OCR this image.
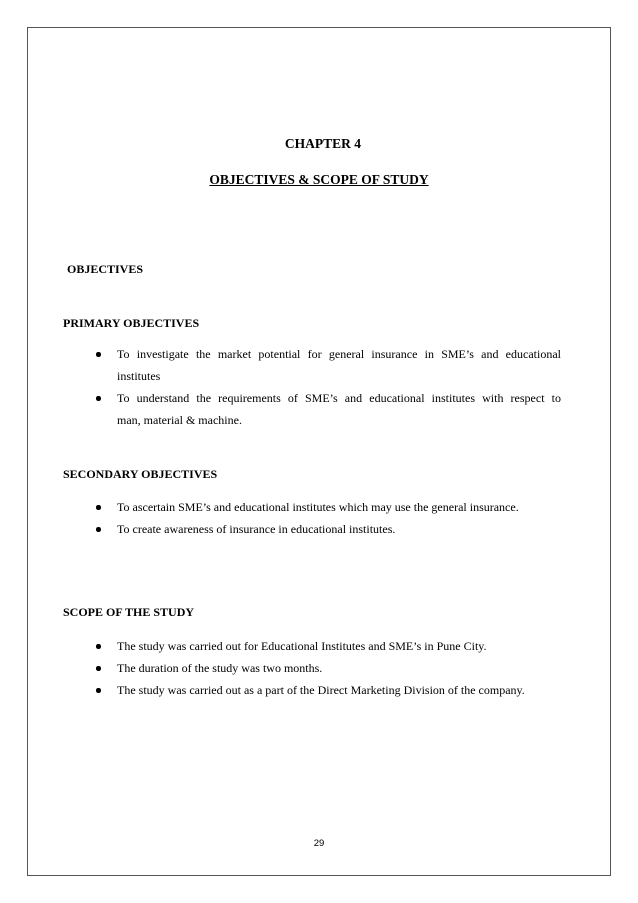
CHAPTER 4
OBJECTIVES & SCOPE OF STUDY
OBJECTIVES
PRIMARY OBJECTIVES
To investigate the market potential for general insurance in SME’s and educational
institutes
To understand the requirements of SME’s and educational institutes with respect to
man, material & machine.
SECONDARY OBJECTIVES
To ascertain SME’s and educational institutes which may use the general insurance.
To create awareness of insurance in educational institutes.
SCOPE OF THE STUDY
The study was carried out for Educational Institutes and SME’s in Pune City.
The duration of the study was two months.
The study was carried out as a part of the Direct Marketing Division of the company.
29
